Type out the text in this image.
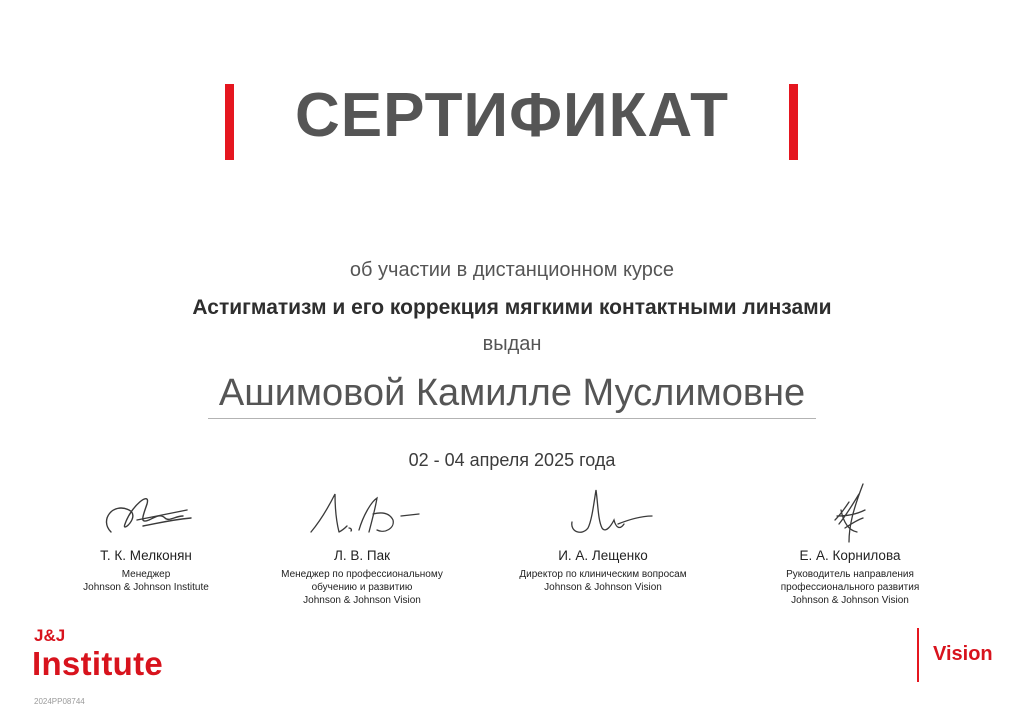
СЕРТИФИКАТ
об участии в дистанционном курсе
Астигматизм и его коррекция мягкими контактными линзами
выдан
Ашимовой Камилле Муслимовне
02 - 04 апреля 2025 года
Т. К. Мелконян
Менеджер
Johnson & Johnson Institute
Л. В. Пак
Менеджер по профессиональному
обучению и развитию
Johnson & Johnson Vision
И. А. Лещенко
Директор по клиническим вопросам
Johnson & Johnson Vision
Е. А. Корнилова
Руководитель направления
профессионального развития
Johnson & Johnson Vision
J&J
Institute
2024PP08744
Vision
